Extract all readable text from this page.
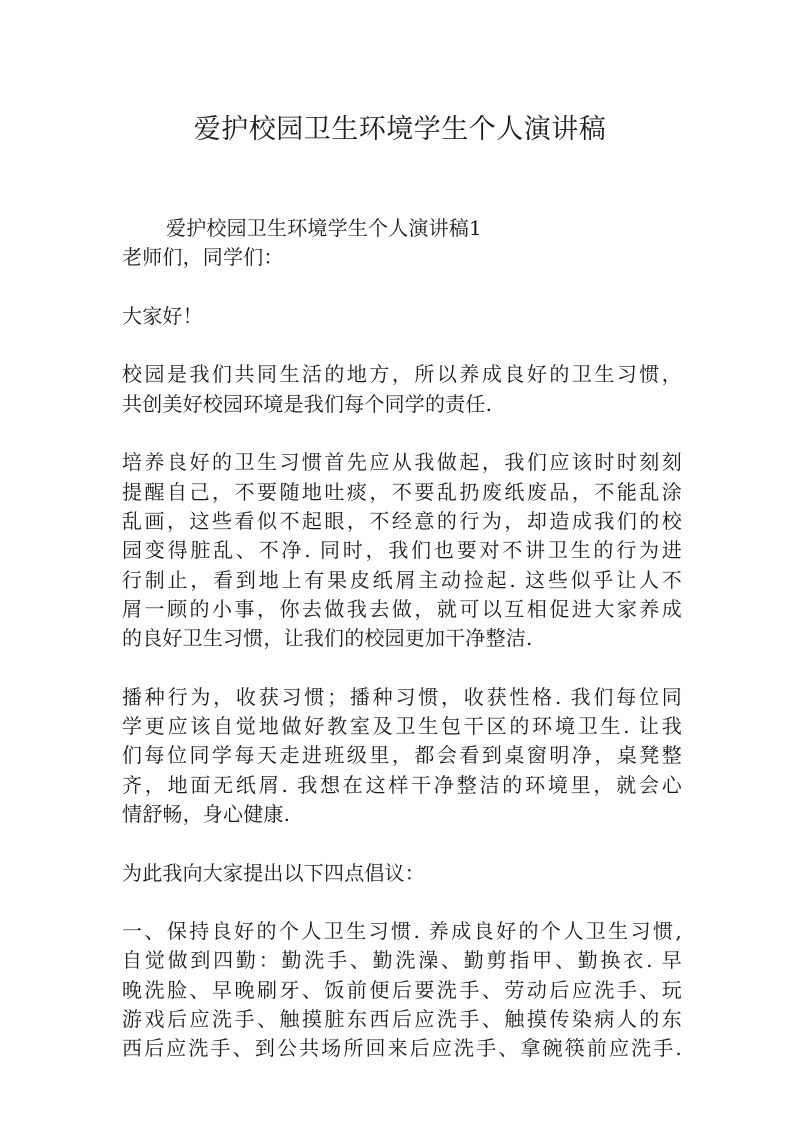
爱护校园卫生环境学生个人演讲稿
爱护校园卫生环境学生个人演讲稿1
老师们，同学们：
大家好！
校园是我们共同生活的地方，所以养成良好的卫生习惯，
共创美好校园环境是我们每个同学的责任.
培养良好的卫生习惯首先应从我做起，我们应该时时刻刻
提醒自己，不要随地吐痰，不要乱扔废纸废品，不能乱涂
乱画，这些看似不起眼，不经意的行为，却造成我们的校
园变得脏乱、不净. 同时，我们也要对不讲卫生的行为进
行制止，看到地上有果皮纸屑主动捡起. 这些似乎让人不
屑一顾的小事，你去做我去做，就可以互相促进大家养成
的良好卫生习惯，让我们的校园更加干净整洁.
播种行为，收获习惯；播种习惯，收获性格. 我们每位同
学更应该自觉地做好教室及卫生包干区的环境卫生. 让我
们每位同学每天走进班级里，都会看到桌窗明净，桌凳整
齐，地面无纸屑. 我想在这样干净整洁的环境里，就会心
情舒畅，身心健康.
为此我向大家提出以下四点倡议：
一、保持良好的个人卫生习惯. 养成良好的个人卫生习惯,
自觉做到四勤：勤洗手、勤洗澡、勤剪指甲、勤换衣. 早
晚洗脸、早晚刷牙、饭前便后要洗手、劳动后应洗手、玩
游戏后应洗手、触摸脏东西后应洗手、触摸传染病人的东
西后应洗手、到公共场所回来后应洗手、拿碗筷前应洗手.
